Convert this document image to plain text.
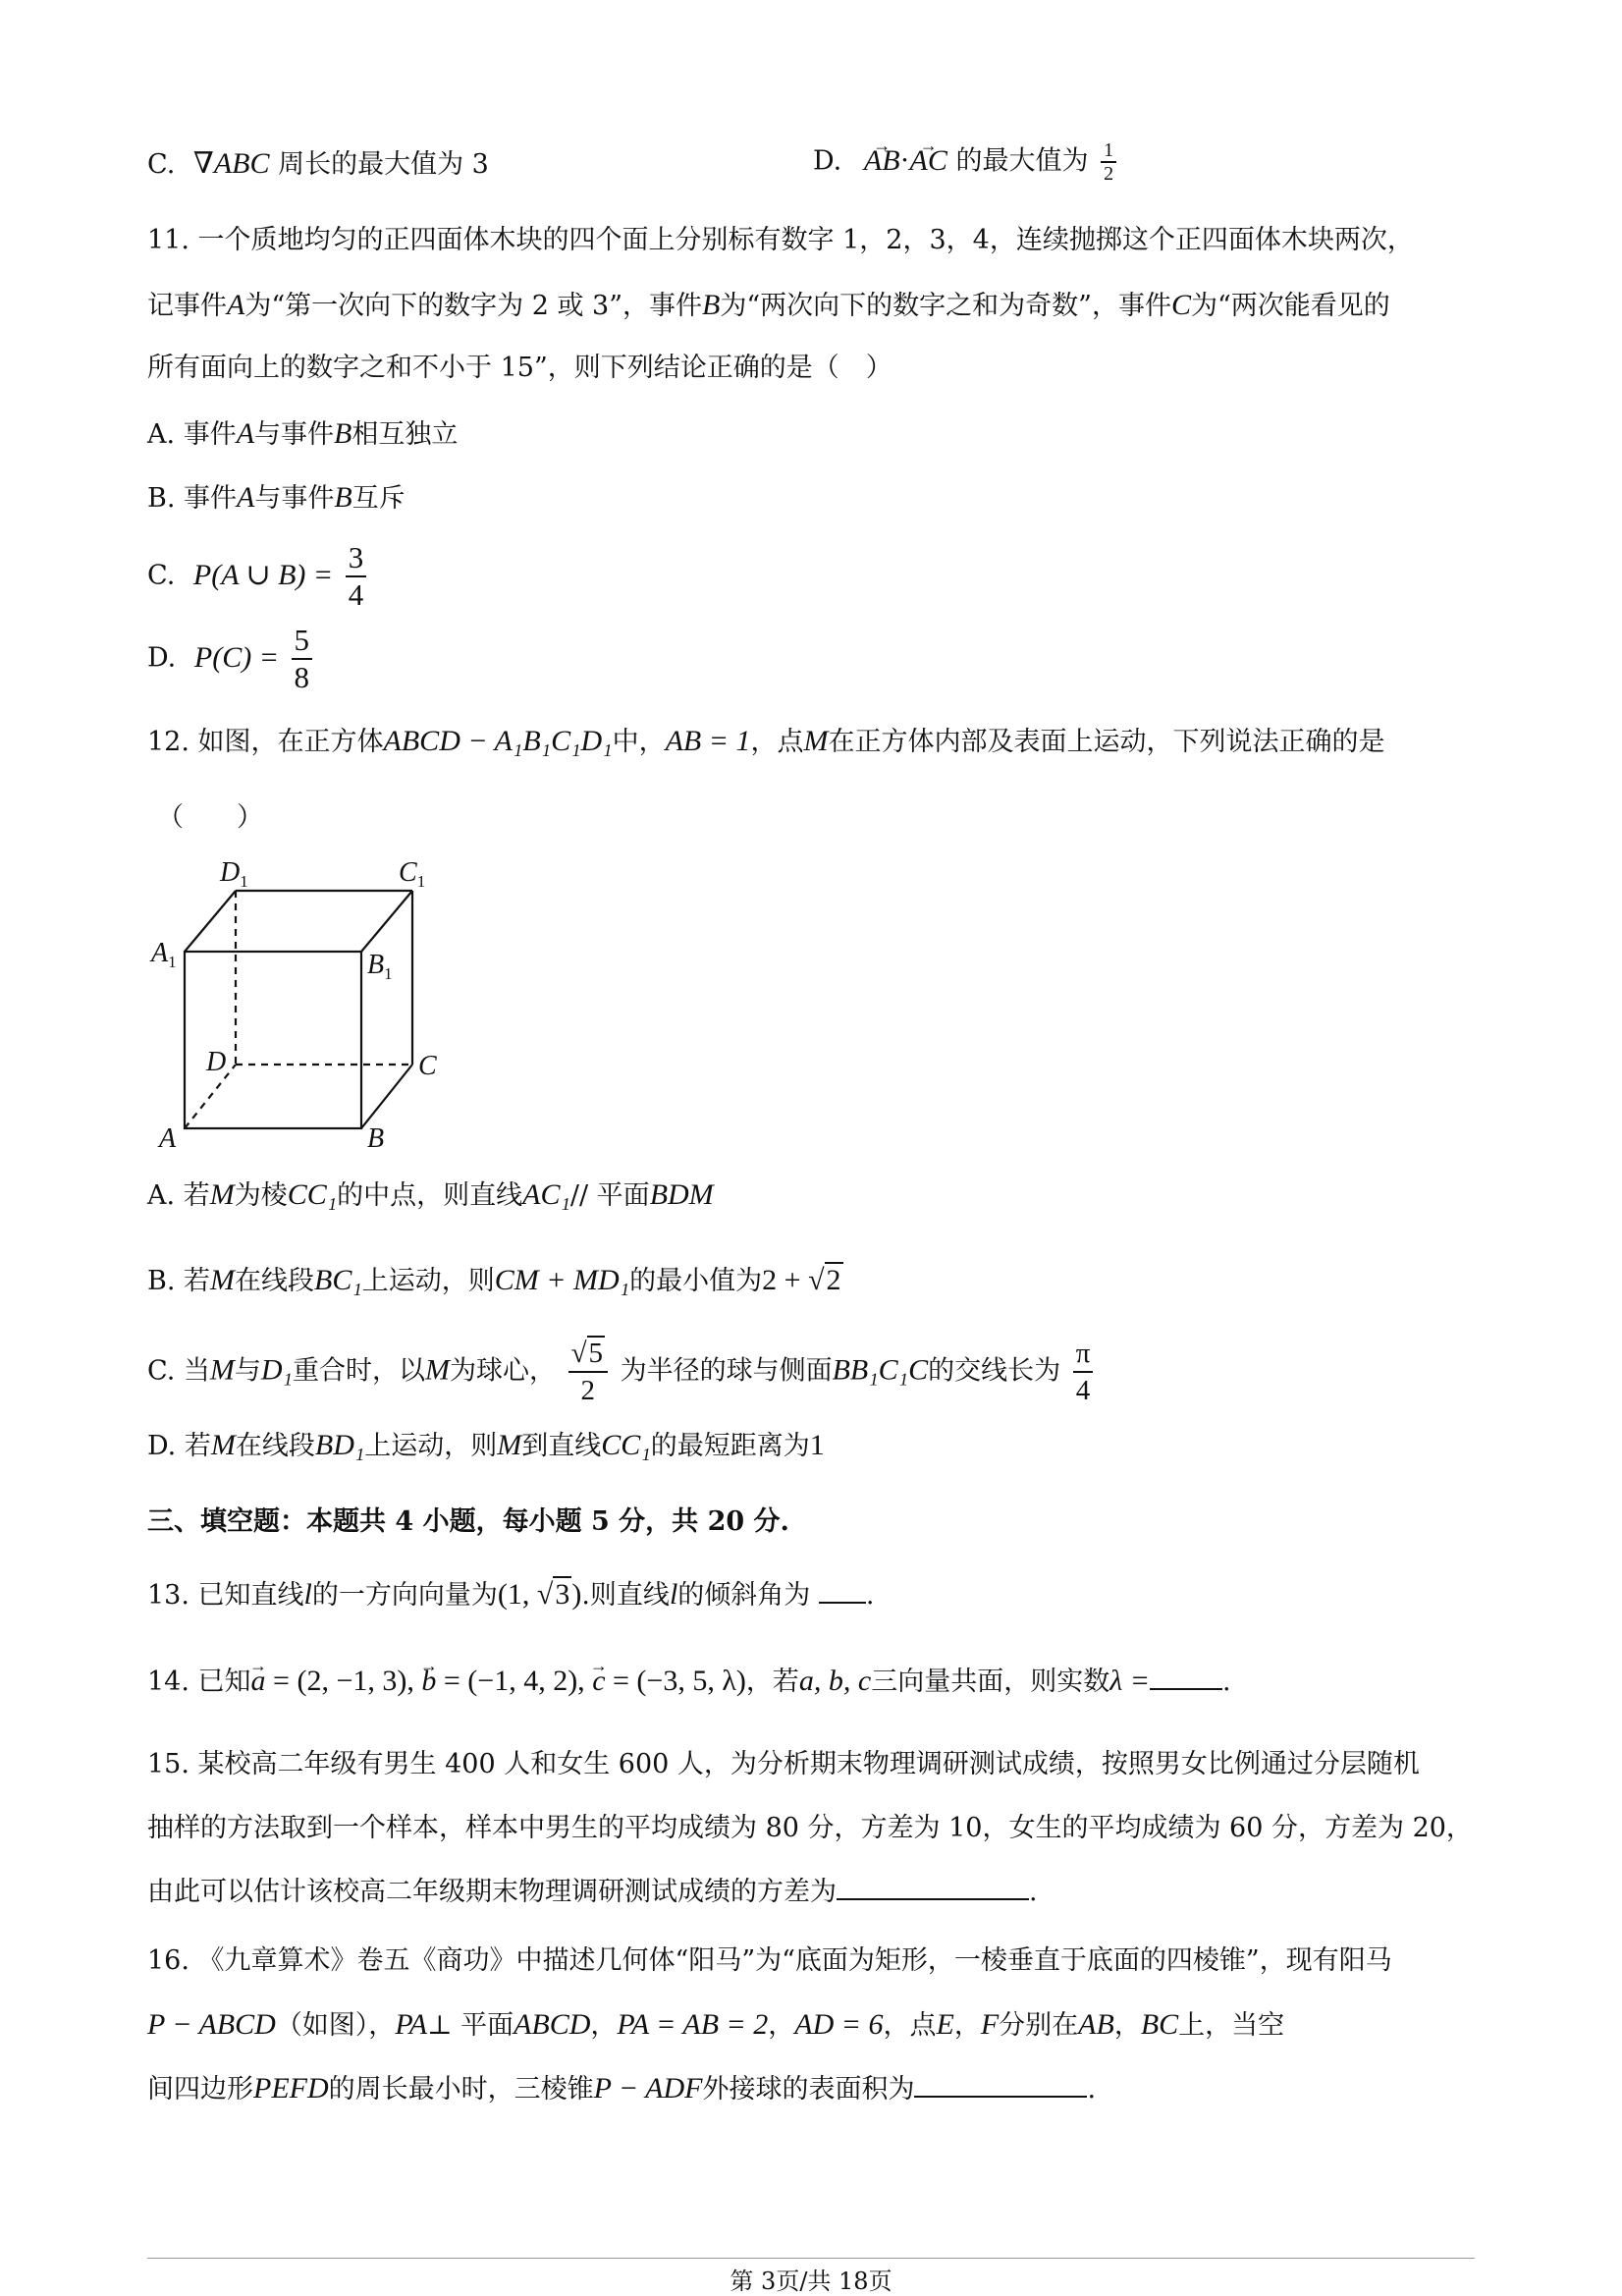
C. ∇ABC 周长的最大值为 3	D. → AB·→ AC 的最大值为 $\frac{1}{2}$
11. 一个质地均匀的正四面体木块的四个面上分别标有数字 1，2，3，4，连续抛掷这个正四面体木块两次，
记事件A为“第一次向下的数字为 2 或 3”，事件B为“两次向下的数字之和为奇数”，事件C为“两次能看见的
所有面向上的数字之和不小于 15”，则下列结论正确的是（　）
A. 事件A与事件B相互独立
B. 事件A与事件B互斥
C. P(A ∪ $B) = \frac{3}{4}$
D. $P(C) = \frac{5}{8}$
12. 如图，在正方体ABCD − A₁B₁C₁D₁中，AB = 1，点M在正方体内部及表面上运动，下列说法正确的是
（　　）
$D_1$	$C_1$
$A_1$	$B_1$
D	C
A	B
A. 若M为棱CC₁的中点，则直线AC₁// 平面BDM
B. 若M在线段BC₁上运动，则CM + MD₁的最小值为2 + √2
C. 当M与D₁重合时，以M为球心， $\frac{√5}{2}$ 为半径的球与侧面BB₁C₁C的交线长为 $\frac{\pi}{4}$
D. 若M在线段BD₁上运动，则M到直线CC₁的最短距离为1
三、填空题：本题共 4 小题，每小题 5 分，共 20 分.
13. 已知直线l的一方向向量为(1, √3).则直线l的倾斜角为 .
14. 已知→ a = (2, −1, 3), → b = (−1, 4, 2), → c = (−3, 5, λ)，若a, b, c三向量共面，则实数λ =	.
15. 某校高二年级有男生 400 人和女生 600 人，为分析期末物理调研测试成绩，按照男女比例通过分层随机
抽样的方法取到一个样本，样本中男生的平均成绩为 80 分，方差为 10，女生的平均成绩为 60 分，方差为 20，
由此可以估计该校高二年级期末物理调研测试成绩的方差为	.
16. 《九章算术》卷五《商功》中描述几何体“阳马”为“底面为矩形，一棱垂直于底面的四棱锥”，现有阳马
P − ABCD（如图），PA⊥ 平面ABCD，PA = AB = 2，AD = 6，点E，F分别在AB，BC上，当空
间四边形PEFD的周长最小时，三棱锥P − ADF外接球的表面积为	.
第 3页/共 18页
